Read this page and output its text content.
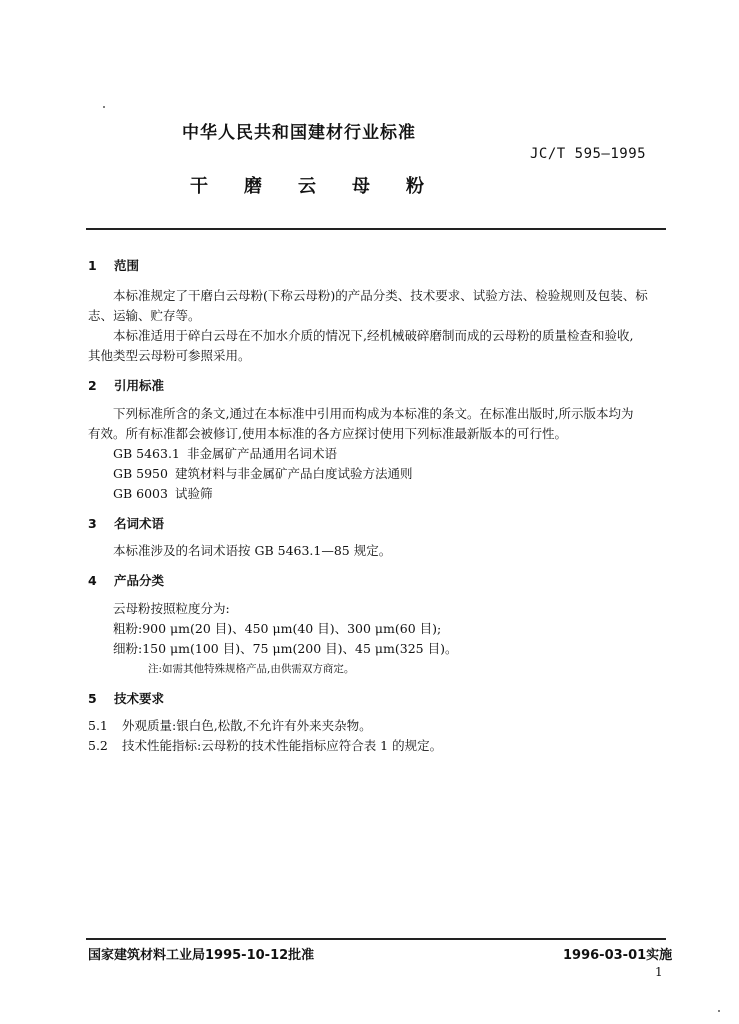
中华人民共和国建材行业标准
JC/T 595—1995
干磨云母粉
1 范围
本标准规定了干磨白云母粉(下称云母粉)的产品分类、技术要求、试验方法、检验规则及包装、标
志、运输、贮存等。
本标准适用于碎白云母在不加水介质的情况下,经机械破碎磨制而成的云母粉的质量检查和验收,
其他类型云母粉可参照采用。
2 引用标准
下列标准所含的条文,通过在本标准中引用而构成为本标准的条文。在标准出版时,所示版本均为
有效。所有标准都会被修订,使用本标准的各方应探讨使用下列标准最新版本的可行性。
GB 5463.1 非金属矿产品通用名词术语
GB 5950 建筑材料与非金属矿产品白度试验方法通则
GB 6003 试验筛
3 名词术语
本标准涉及的名词术语按 GB 5463.1—85 规定。
4 产品分类
云母粉按照粒度分为:
粗粉:900 μm(20 目)、450 μm(40 目)、300 μm(60 目);
细粉:150 μm(100 目)、75 μm(200 目)、45 μm(325 目)。
注:如需其他特殊规格产品,由供需双方商定。
5 技术要求
5.1 外观质量:银白色,松散,不允许有外来夹杂物。
5.2 技术性能指标:云母粉的技术性能指标应符合表 1 的规定。
国家建筑材料工业局1995-10-12批准	1996-03-01实施
1
